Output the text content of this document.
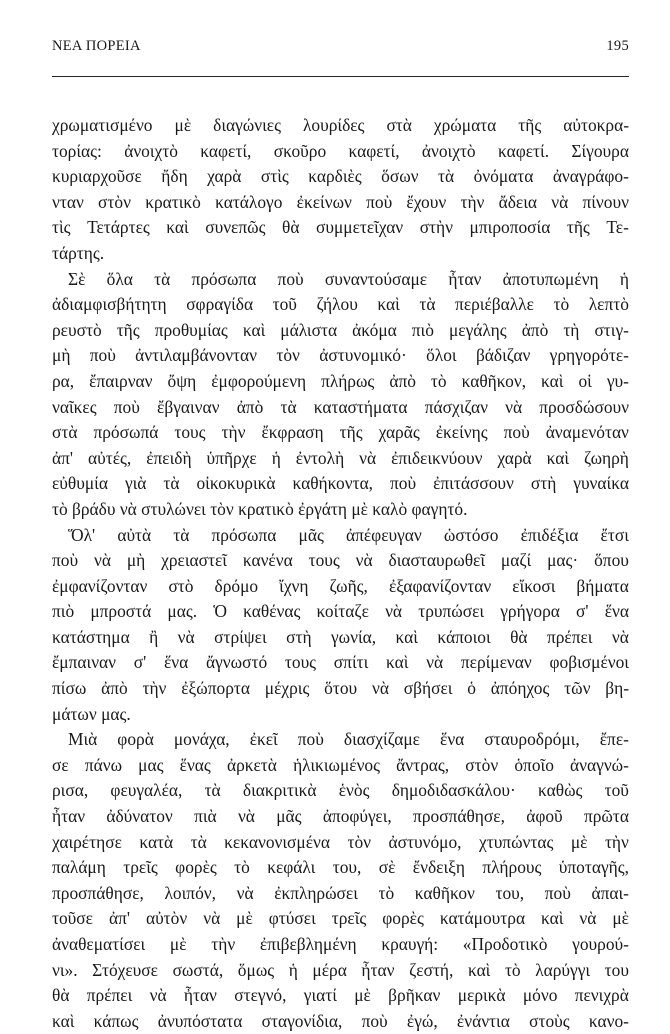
ΝΕΑ ΠΟΡΕΙΑ	195
χρωματισμένο μὲ διαγώνιες λουρίδες στὰ χρώματα τῆς αὐτοκρα-
τορίας: ἀνοιχτὸ καφετί, σκοῦρο καφετί, ἀνοιχτὸ καφετί. Σίγουρα
κυριαρχοῦσε ἤδη χαρὰ στὶς καρδιὲς ὅσων τὰ ὀνόματα ἀναγράφο-
νταν στὸν κρατικὸ κατάλογο ἐκείνων ποὺ ἔχουν τὴν ἄδεια νὰ πίνουν
τὶς Τετάρτες καὶ συνεπῶς θὰ συμμετεῖχαν στὴν μπιροποσία τῆς Τε-
τάρτης.
Σὲ ὅλα τὰ πρόσωπα ποὺ συναντούσαμε ἦταν ἀποτυπωμένη ἡ
ἀδιαμφισβήτητη σφραγίδα τοῦ ζήλου καὶ τὰ περιέβαλλε τὸ λεπτὸ
ρευστὸ τῆς προθυμίας καὶ μάλιστα ἀκόμα πιὸ μεγάλης ἀπὸ τὴ στιγ-
μὴ ποὺ ἀντιλαμβάνονταν τὸν ἀστυνομικό· ὅλοι βάδιζαν γρηγορότε-
ρα, ἔπαιρναν ὄψη ἐμφορούμενη πλήρως ἀπὸ τὸ καθῆκον, καὶ οἱ γυ-
ναῖκες ποὺ ἔβγαιναν ἀπὸ τὰ καταστήματα πάσχιζαν νὰ προσδώσουν
στὰ πρόσωπά τους τὴν ἔκφραση τῆς χαρᾶς ἐκείνης ποὺ ἀναμενόταν
ἀπ' αὐτές, ἐπειδὴ ὑπῆρχε ἡ ἐντολὴ νὰ ἐπιδεικνύουν χαρὰ καὶ ζωηρὴ
εὐθυμία γιὰ τὰ οἰκοκυρικὰ καθήκοντα, ποὺ ἐπιτάσσουν στὴ γυναίκα
τὸ βράδυ νὰ στυλώνει τὸν κρατικὸ ἐργάτη μὲ καλὸ φαγητό.
Ὅλ' αὐτὰ τὰ πρόσωπα μᾶς ἀπέφευγαν ὡστόσο ἐπιδέξια ἔτσι
ποὺ νὰ μὴ χρειαστεῖ κανένα τους νὰ διασταυρωθεῖ μαζί μας· ὅπου
ἐμφανίζονταν στὸ δρόμο ἴχνη ζωῆς, ἐξαφανίζονταν εἴκοσι βήματα
πιὸ μπροστά μας. Ὁ καθένας κοίταζε νὰ τρυπώσει γρήγορα σ' ἕνα
κατάστημα ἢ νὰ στρίψει στὴ γωνία, καὶ κάποιοι θὰ πρέπει νὰ
ἔμπαιναν σ' ἕνα ἄγνωστό τους σπίτι καὶ νὰ περίμεναν φοβισμένοι
πίσω ἀπὸ τὴν ἐξώπορτα μέχρις ὅτου νὰ σβήσει ὁ ἀπόηχος τῶν βη-
μάτων μας.
Μιὰ φορὰ μονάχα, ἐκεῖ ποὺ διασχίζαμε ἕνα σταυροδρόμι, ἔπε-
σε πάνω μας ἕνας ἀρκετὰ ἡλικιωμένος ἄντρας, στὸν ὁποῖο ἀναγνώ-
ρισα, φευγαλέα, τὰ διακριτικὰ ἑνὸς δημοδιδασκάλου· καθὼς τοῦ
ἦταν ἀδύνατον πιὰ νὰ μᾶς ἀποφύγει, προσπάθησε, ἀφοῦ πρῶτα
χαιρέτησε κατὰ τὰ κεκανονισμένα τὸν ἀστυνόμο, χτυπώντας μὲ τὴν
παλάμη τρεῖς φορὲς τὸ κεφάλι του, σὲ ἔνδειξη πλήρους ὑποταγῆς,
προσπάθησε, λοιπόν, νὰ ἐκπληρώσει τὸ καθῆκον του, ποὺ ἀπαι-
τοῦσε ἀπ' αὐτὸν νὰ μὲ φτύσει τρεῖς φορὲς κατάμουτρα καὶ νὰ μὲ
ἀναθεματίσει μὲ τὴν ἐπιβεβλημένη κραυγή: «Προδοτικὸ γουρού-
νι». Στόχευσε σωστά, ὅμως ἡ μέρα ἦταν ζεστή, καὶ τὸ λαρύγγι του
θὰ πρέπει νὰ ἦταν στεγνό, γιατί μὲ βρῆκαν μερικὰ μόνο πενιχρὰ
καὶ κάπως ἀνυπόστατα σταγονίδια, ποὺ ἐγώ, ἐνάντια στοὺς κανο-
